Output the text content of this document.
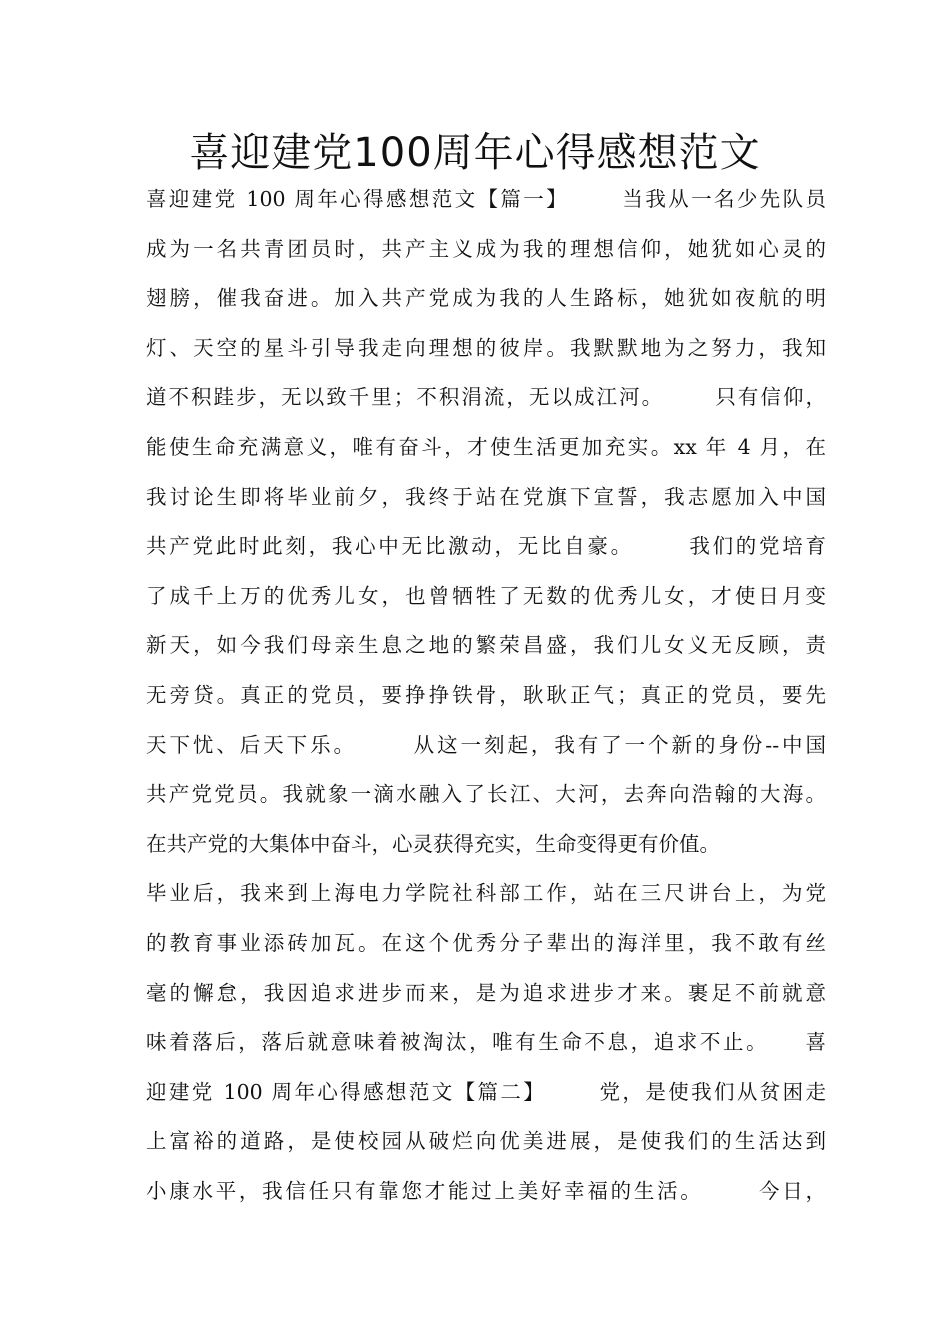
喜迎建党100周年心得感想范文
喜迎建党 100 周年心得感想范文【篇一】      当我从一名少先队员
成为一名共青团员时，共产主义成为我的理想信仰，她犹如心灵的
翅膀，催我奋进。加入共产党成为我的人生路标，她犹如夜航的明
灯、天空的星斗引导我走向理想的彼岸。我默默地为之努力，我知
道不积跬步，无以致千里；不积涓流，无以成江河。      只有信仰，
能使生命充满意义，唯有奋斗，才使生活更加充实。xx 年 4 月，在
我讨论生即将毕业前夕，我终于站在党旗下宣誓，我志愿加入中国
共产党此时此刻，我心中无比激动，无比自豪。      我们的党培育
了成千上万的优秀儿女，也曾牺牲了无数的优秀儿女，才使日月变
新天，如今我们母亲生息之地的繁荣昌盛，我们儿女义无反顾，责
无旁贷。真正的党员，要挣挣铁骨，耿耿正气；真正的党员，要先
天下忧、后天下乐。      从这一刻起，我有了一个新的身份--中国
共产党党员。我就象一滴水融入了长江、大河，去奔向浩翰的大海。
在共产党的大集体中奋斗，心灵获得充实，生命变得更有价值。
毕业后，我来到上海电力学院社科部工作，站在三尺讲台上，为党
的教育事业添砖加瓦。在这个优秀分子辈出的海洋里，我不敢有丝
毫的懈怠，我因追求进步而来，是为追求进步才来。裹足不前就意
味着落后，落后就意味着被淘汰，唯有生命不息，追求不止。    喜
迎建党 100 周年心得感想范文【篇二】      党，是使我们从贫困走
上富裕的道路，是使校园从破烂向优美进展，是使我们的生活达到
小康水平，我信任只有靠您才能过上美好幸福的生活。      今日，
